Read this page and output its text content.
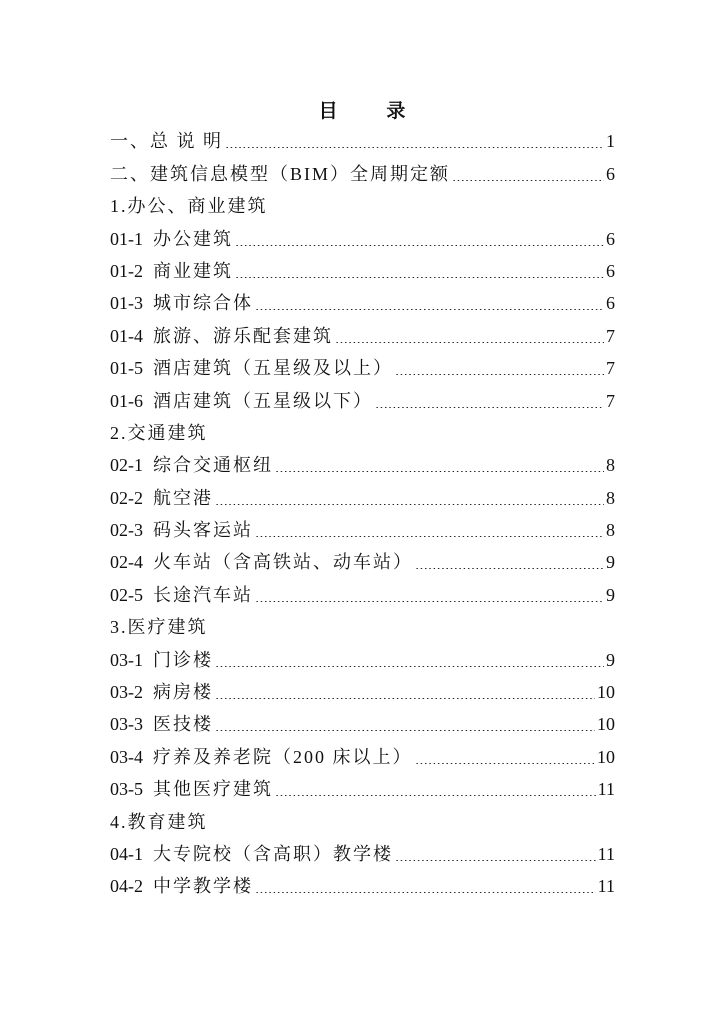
目 录
一、总 说 明	1
二、建筑信息模型（BIM）全周期定额	6
1.办公、商业建筑
01-1 办公建筑	6
01-2 商业建筑	6
01-3 城市综合体	6
01-4 旅游、游乐配套建筑	7
01-5 酒店建筑（五星级及以上）	7
01-6 酒店建筑（五星级以下）	7
2.交通建筑
02-1 综合交通枢纽	8
02-2 航空港	8
02-3 码头客运站	8
02-4 火车站（含高铁站、动车站）	9
02-5 长途汽车站	9
3.医疗建筑
03-1 门诊楼	9
03-2 病房楼	10
03-3 医技楼	10
03-4 疗养及养老院（200 床以上）	10
03-5 其他医疗建筑	11
4.教育建筑
04-1 大专院校（含高职）教学楼	11
04-2 中学教学楼	11
